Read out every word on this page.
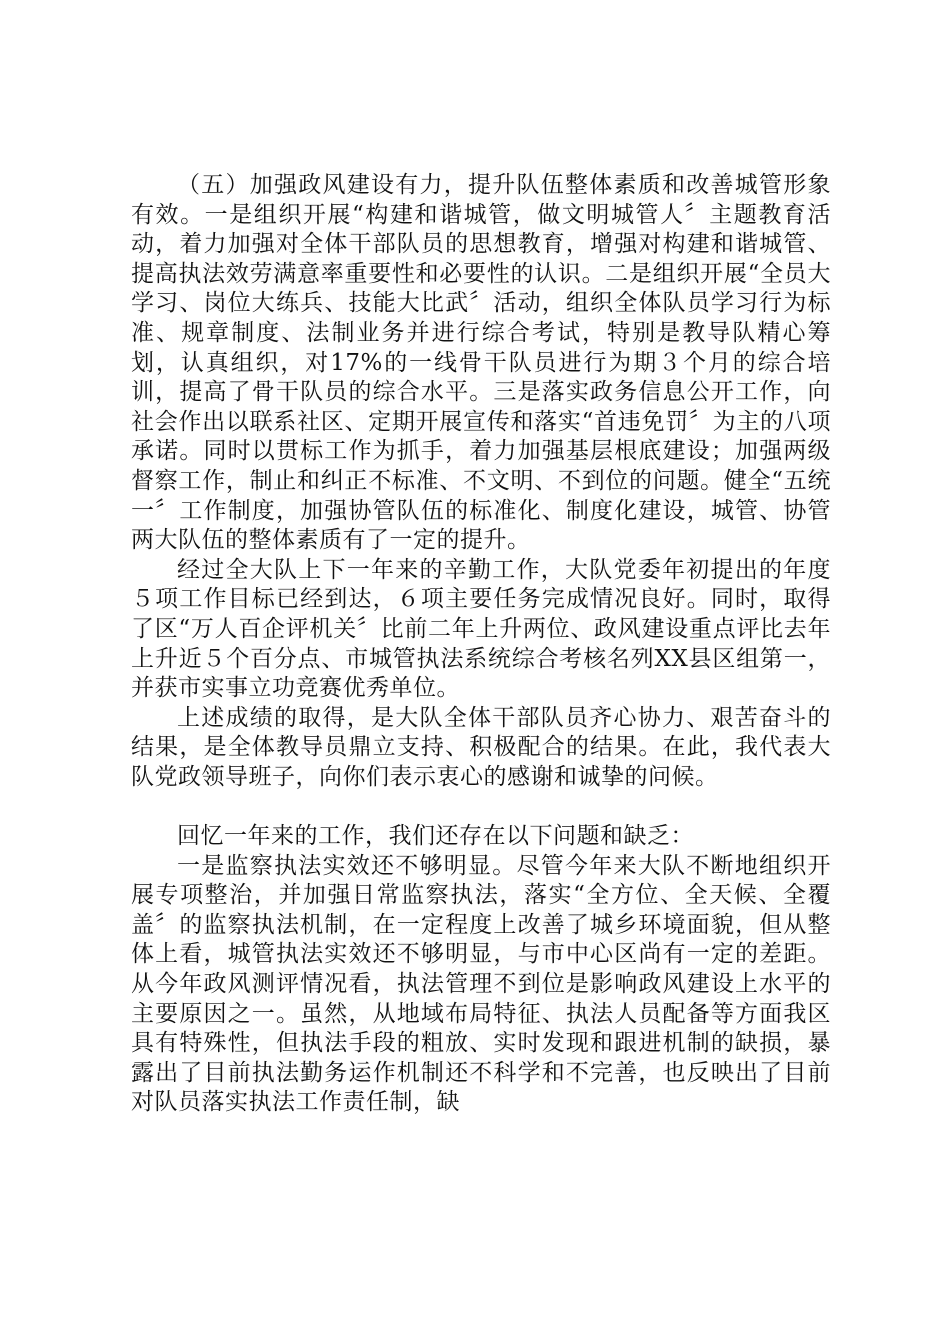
（五）加强政风建设有力，提升队伍整体素质和改善城管形象有效。一是组织开展“构建和谐城管，做文明城管人〞主题教育活动，着力加强对全体干部队员的思想教育，增强对构建和谐城管、提高执法效劳满意率重要性和必要性的认识。二是组织开展“全员大学习、岗位大练兵、技能大比武〞活动，组织全体队员学习行为标准、规章制度、法制业务并进行综合考试，特别是教导队精心筹划，认真组织，对17%的一线骨干队员进行为期３个月的综合培训，提高了骨干队员的综合水平。三是落实政务信息公开工作，向社会作出以联系社区、定期开展宣传和落实“首违免罚〞为主的八项承诺。同时以贯标工作为抓手，着力加强基层根底建设；加强两级督察工作，制止和纠正不标准、不文明、不到位的问题。健全“五统一〞工作制度，加强协管队伍的标准化、制度化建设，城管、协管两大队伍的整体素质有了一定的提升。

经过全大队上下一年来的辛勤工作，大队党委年初提出的年度５项工作目标已经到达，６项主要任务完成情况良好。同时，取得了区“万人百企评机关〞比前二年上升两位、政风建设重点评比去年上升近５个百分点、市城管执法系统综合考核名列XX县区组第一，并获市实事立功竞赛优秀单位。

上述成绩的取得，是大队全体干部队员齐心协力、艰苦奋斗的结果，是全体教导员鼎立支持、积极配合的结果。在此，我代表大队党政领导班子，向你们表示衷心的感谢和诚挚的问候。

回忆一年来的工作，我们还存在以下问题和缺乏：

一是监察执法实效还不够明显。尽管今年来大队不断地组织开展专项整治，并加强日常监察执法，落实“全方位、全天候、全覆盖〞的监察执法机制，在一定程度上改善了城乡环境面貌，但从整体上看，城管执法实效还不够明显，与市中心区尚有一定的差距。从今年政风测评情况看，执法管理不到位是影响政风建设上水平的主要原因之一。虽然，从地域布局特征、执法人员配备等方面我区具有特殊性，但执法手段的粗放、实时发现和跟进机制的缺损，暴露出了目前执法勤务运作机制还不科学和不完善，也反映出了目前对队员落实执法工作责任制，缺
